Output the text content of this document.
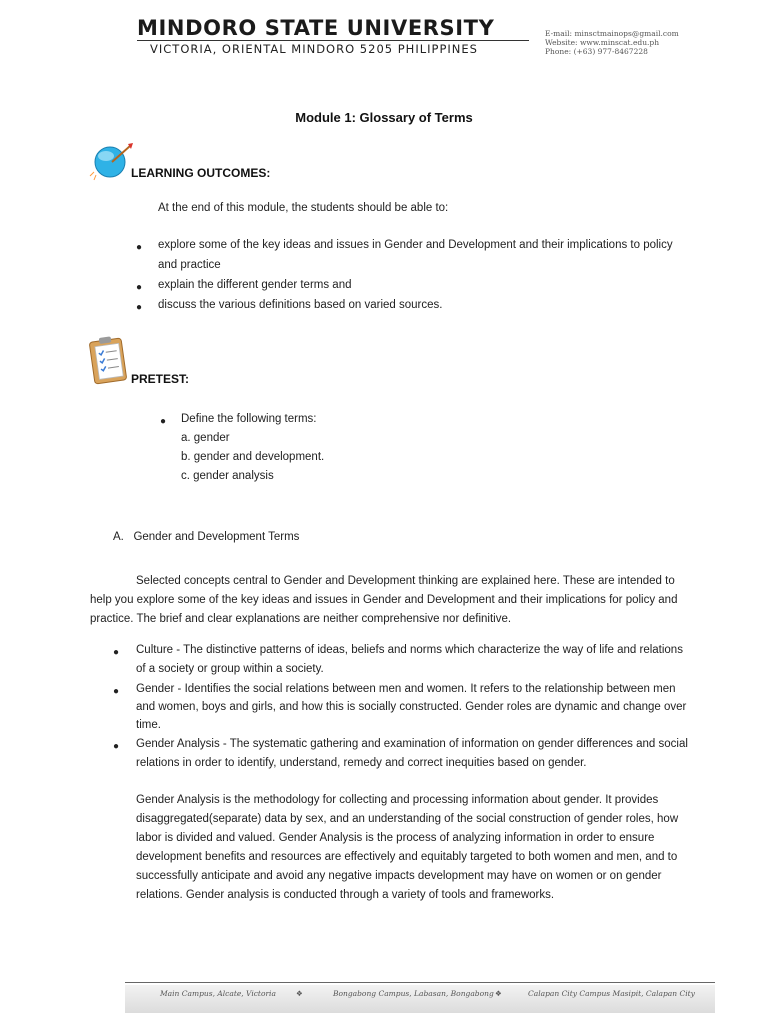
MINDORO STATE UNIVERSITY
VICTORIA, ORIENTAL MINDORO 5205 PHILIPPINES
E-mail: minsctmainops@gmail.com
Website: www.minscat.edu.ph
Phone: (+63) 977-8467228
Module 1: Glossary of Terms
LEARNING OUTCOMES:
At the end of this module, the students should be able to:
● explore some of the key ideas and issues in Gender and Development and their implications to policy
and practice
● explain the different gender terms and
● discuss the various definitions based on varied sources.
PRETEST:
● Define the following terms:
a. gender
b. gender and development.
c. gender analysis
A.   Gender and Development Terms
Selected concepts central to Gender and Development thinking are explained here. These are intended to
help you explore some of the key ideas and issues in Gender and Development and their implications for policy and
practice. The brief and clear explanations are neither comprehensive nor definitive.
● Culture - The distinctive patterns of ideas, beliefs and norms which characterize the way of life and relations
of a society or group within a society.
● Gender - Identifies the social relations between men and women. It refers to the relationship between men
and women, boys and girls, and how this is socially constructed. Gender roles are dynamic and change over
time.
● Gender Analysis - The systematic gathering and examination of information on gender differences and social
relations in order to identify, understand, remedy and correct inequities based on gender.
Gender Analysis is the methodology for collecting and processing information about gender. It provides
disaggregated(separate) data by sex, and an understanding of the social construction of gender roles, how
labor is divided and valued. Gender Analysis is the process of analyzing information in order to ensure
development benefits and resources are effectively and equitably targeted to both women and men, and to
successfully anticipate and avoid any negative impacts development may have on women or on gender
relations. Gender analysis is conducted through a variety of tools and frameworks.
Main Campus, Alcate, Victoria	❖	Bongabong Campus, Labasan, Bongabong ❖	Calapan City Campus Masipit, Calapan City
